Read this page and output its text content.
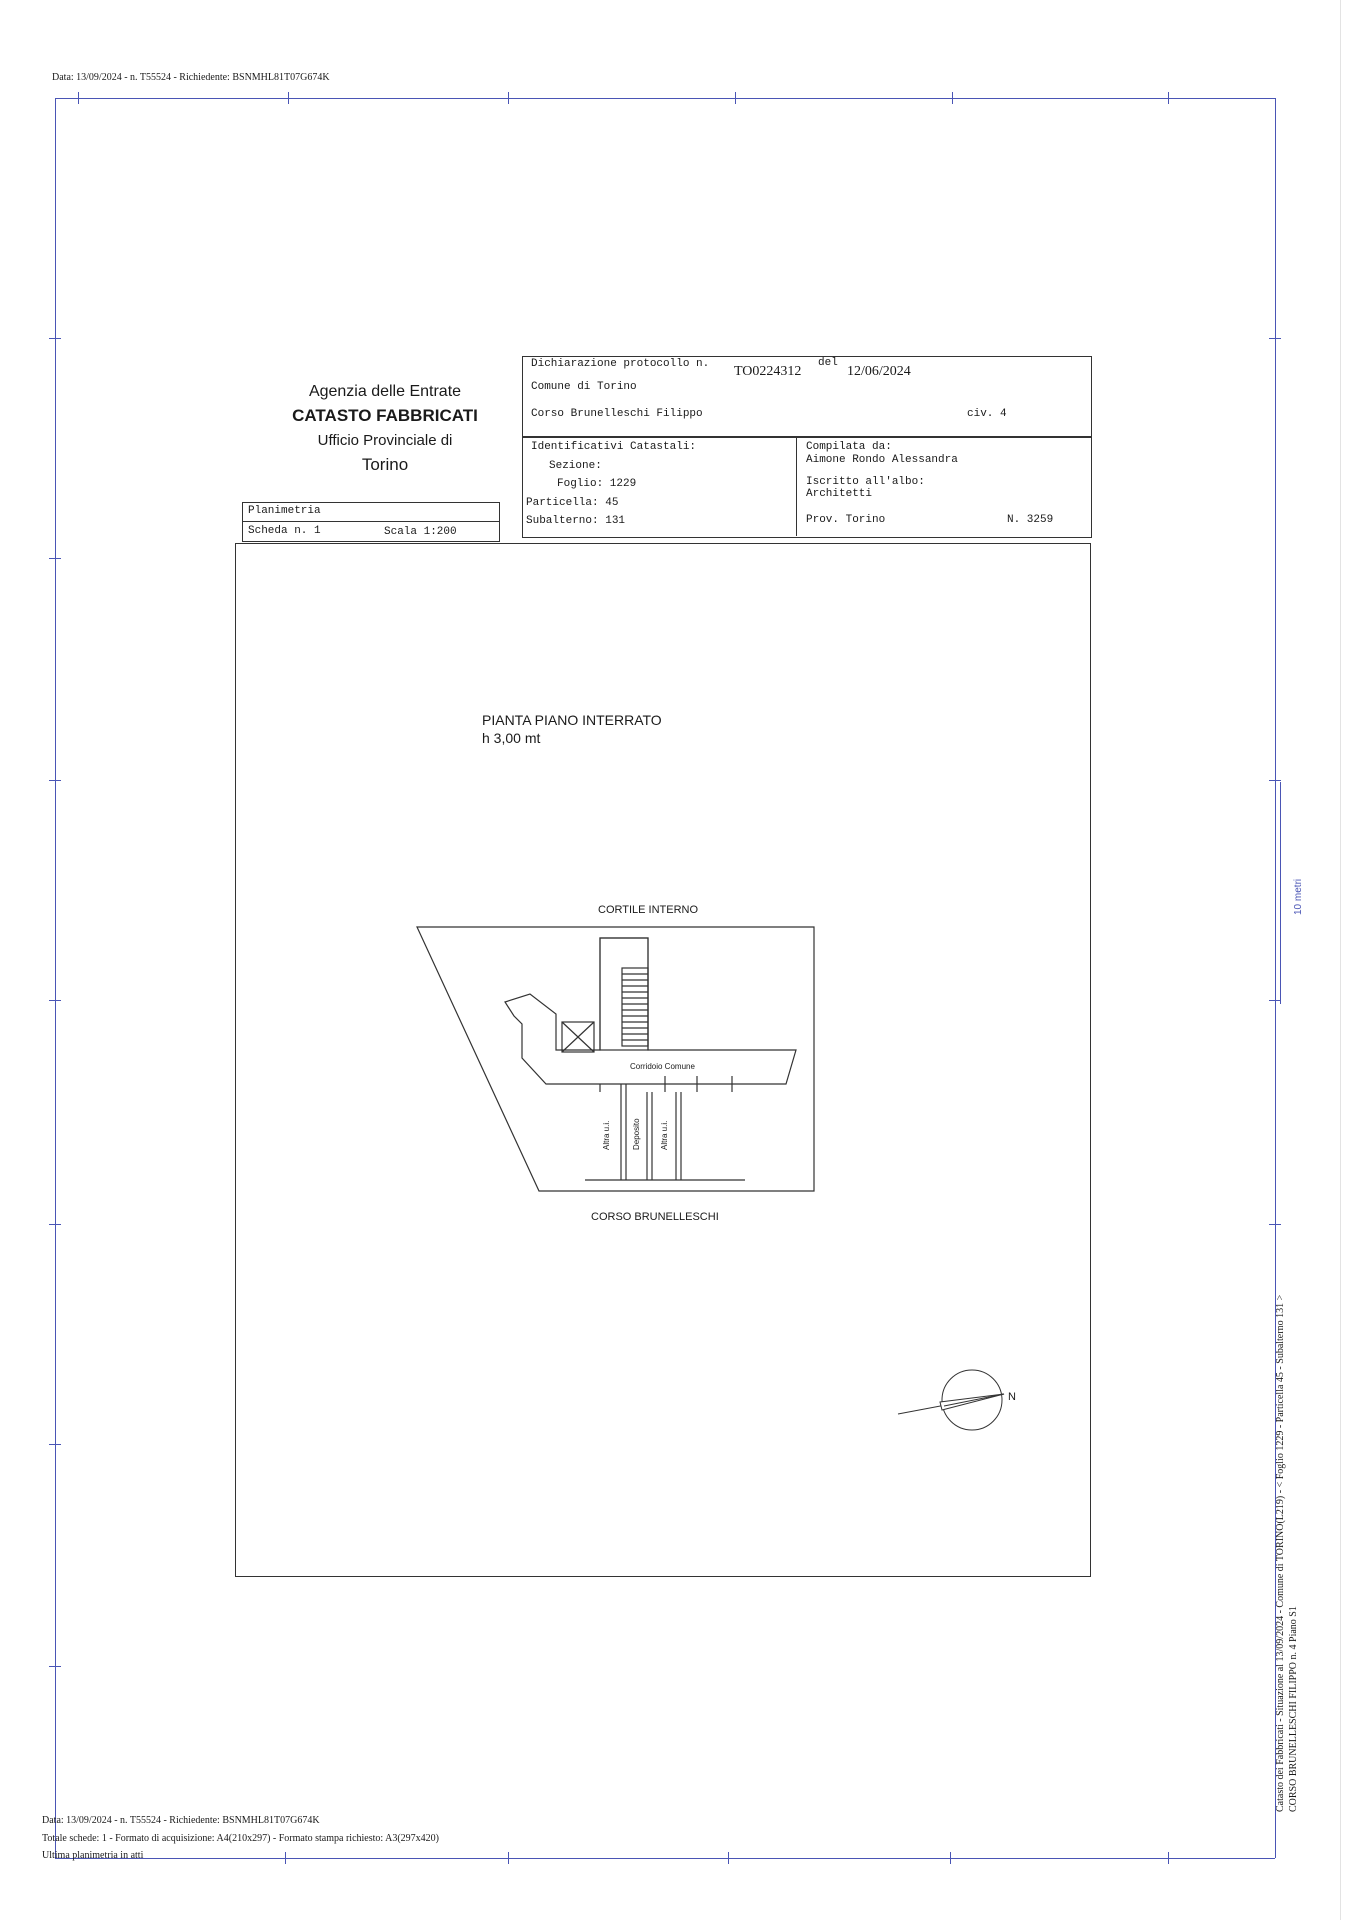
Data: 13/09/2024 - n. T55524 - Richiedente: BSNMHL81T07G674K
10 metri
Agenzia delle Entrate
CATASTO FABBRICATI
Ufficio Provinciale di
Torino
Dichiarazione protocollo n. TO0224312
del
12/06/2024
Comune di Torino
Corso Brunelleschi Filippo	civ. 4
Identificativi Catastali:
Sezione:
Foglio: 1229
Particella: 45
Subalterno: 131
Compilata da:
Aimone Rondo Alessandra
Iscritto all'albo:
Architetti
Prov. Torino	N. 3259
Planimetria
Scheda n. 1	Scala 1:200
PIANTA PIANO INTERRATO
h 3,00 mt
CORTILE INTERNO
CORSO BRUNELLESCHI
Corridoio Comune
Altra u.i.	Deposito Altra u.i.
N	Catasto dei Fabbricati - Situazione al 13/09/2024 - Comune di TORINO(L219) - < Foglio 1229 - Particella 45 - Subalterno 131 > CORSO BRUNELLESCHI FILIPPO n. 4 Piano S1
Data: 13/09/2024 - n. T55524 - Richiedente: BSNMHL81T07G674K
Totale schede: 1 - Formato di acquisizione: A4(210x297) - Formato stampa richiesto: A3(297x420)
Ultima planimetria in atti
